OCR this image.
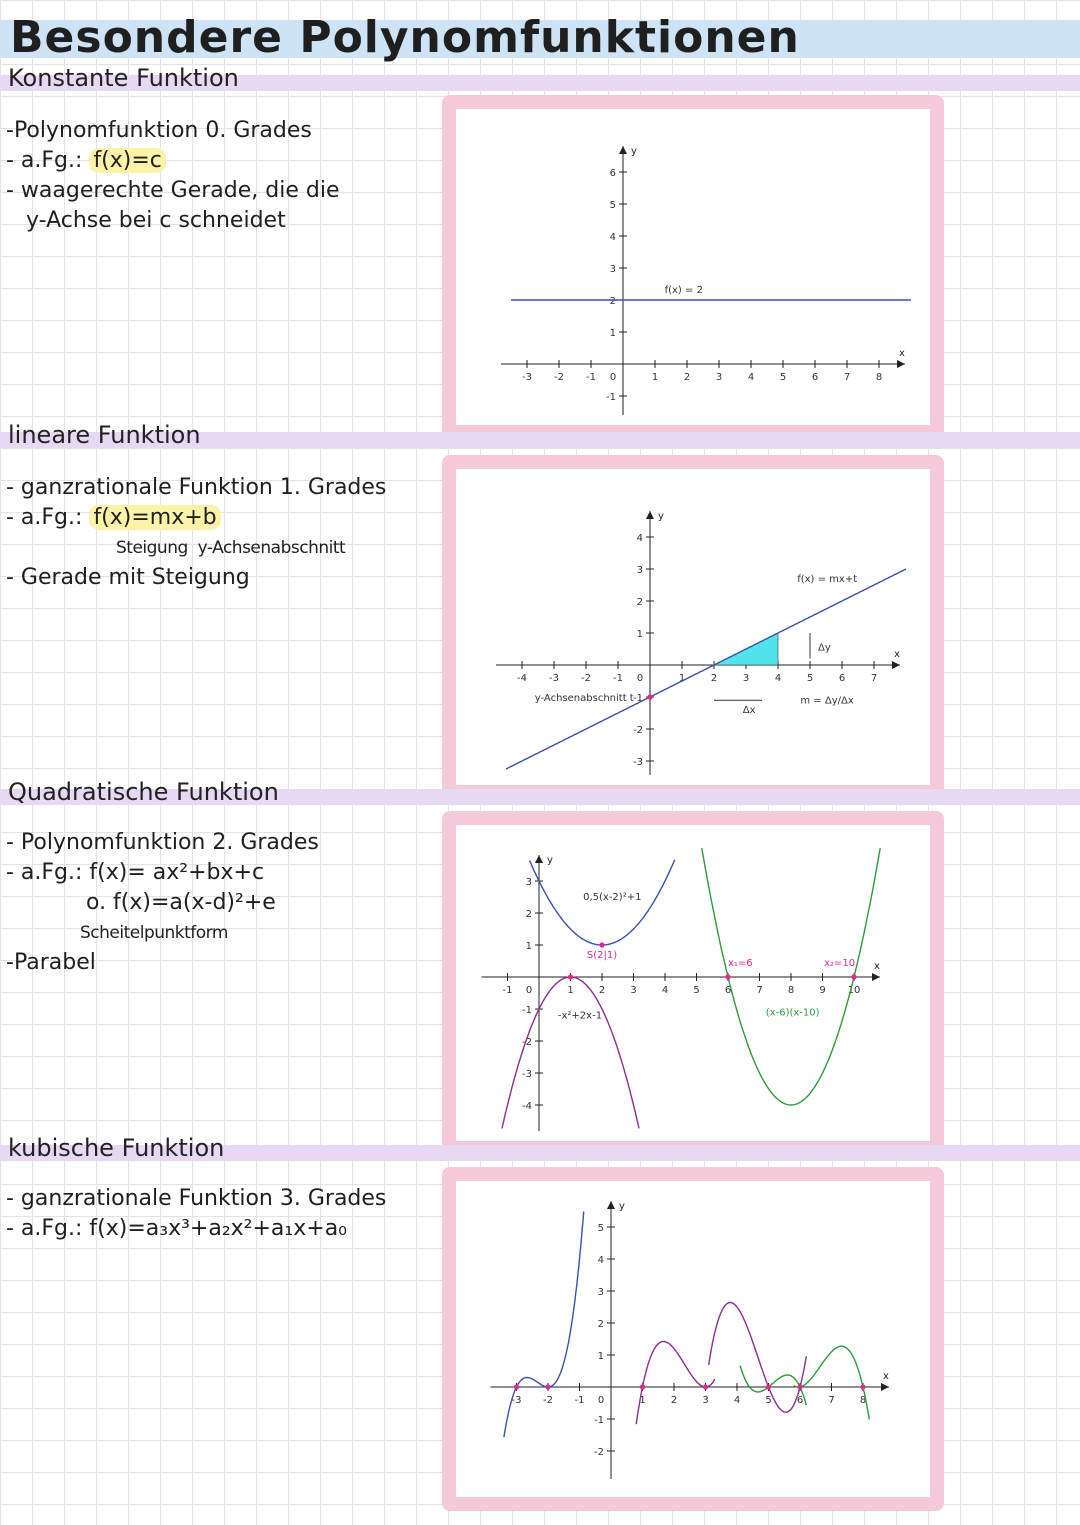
Besondere Polynomfunktionen
Konstante Funktion
-Polynomfunktion 0. Grades
- a.Fg.: f(x)=c
- waagerechte Gerade, die die
y-Achse bei c schneidet
x
y
-3 -2 -1 0	1	2	3	4	5	6	7	8
-1
1
2
3
4
5
6
f(x) = 2
lineare Funktion
- ganzrationale Funktion 1. Grades
- a.Fg.: f(x)=mx+b
Steigung y-Achsenabschnitt
- Gerade mit Steigung
x
y
-4 -3 -2 -1 0	1	2	3	4	5	6	7
-3
-2
-1
1
2
3
4
f(x) = mx+t
y-Achsenabschnitt t
Δy
Δx
m = Δy/Δx
Quadratische Funktion
- Polynomfunktion 2. Grades
- a.Fg.: f(x)= ax²+bx+c
o. f(x)=a(x-d)²+e
Scheitelpunktform
-Parabel	x
y
-1 0	1	2	3	4	5	6	7	8	9 10
-4
-3
-2
-1
1
2
3
0,5(x-2)²+1
-x²+2x-1	(x-6)(x-10)
S(2|1)
x₁=6	x₂=10
kubische Funktion
- ganzrationale Funktion 3. Grades
- a.Fg.: f(x)=a₃x³+a₂x²+a₁x+a₀
x
y
-3 -2 -1 0	1	2	3	4	5	6	7	8
-2
-1
1
2
3
4
5
